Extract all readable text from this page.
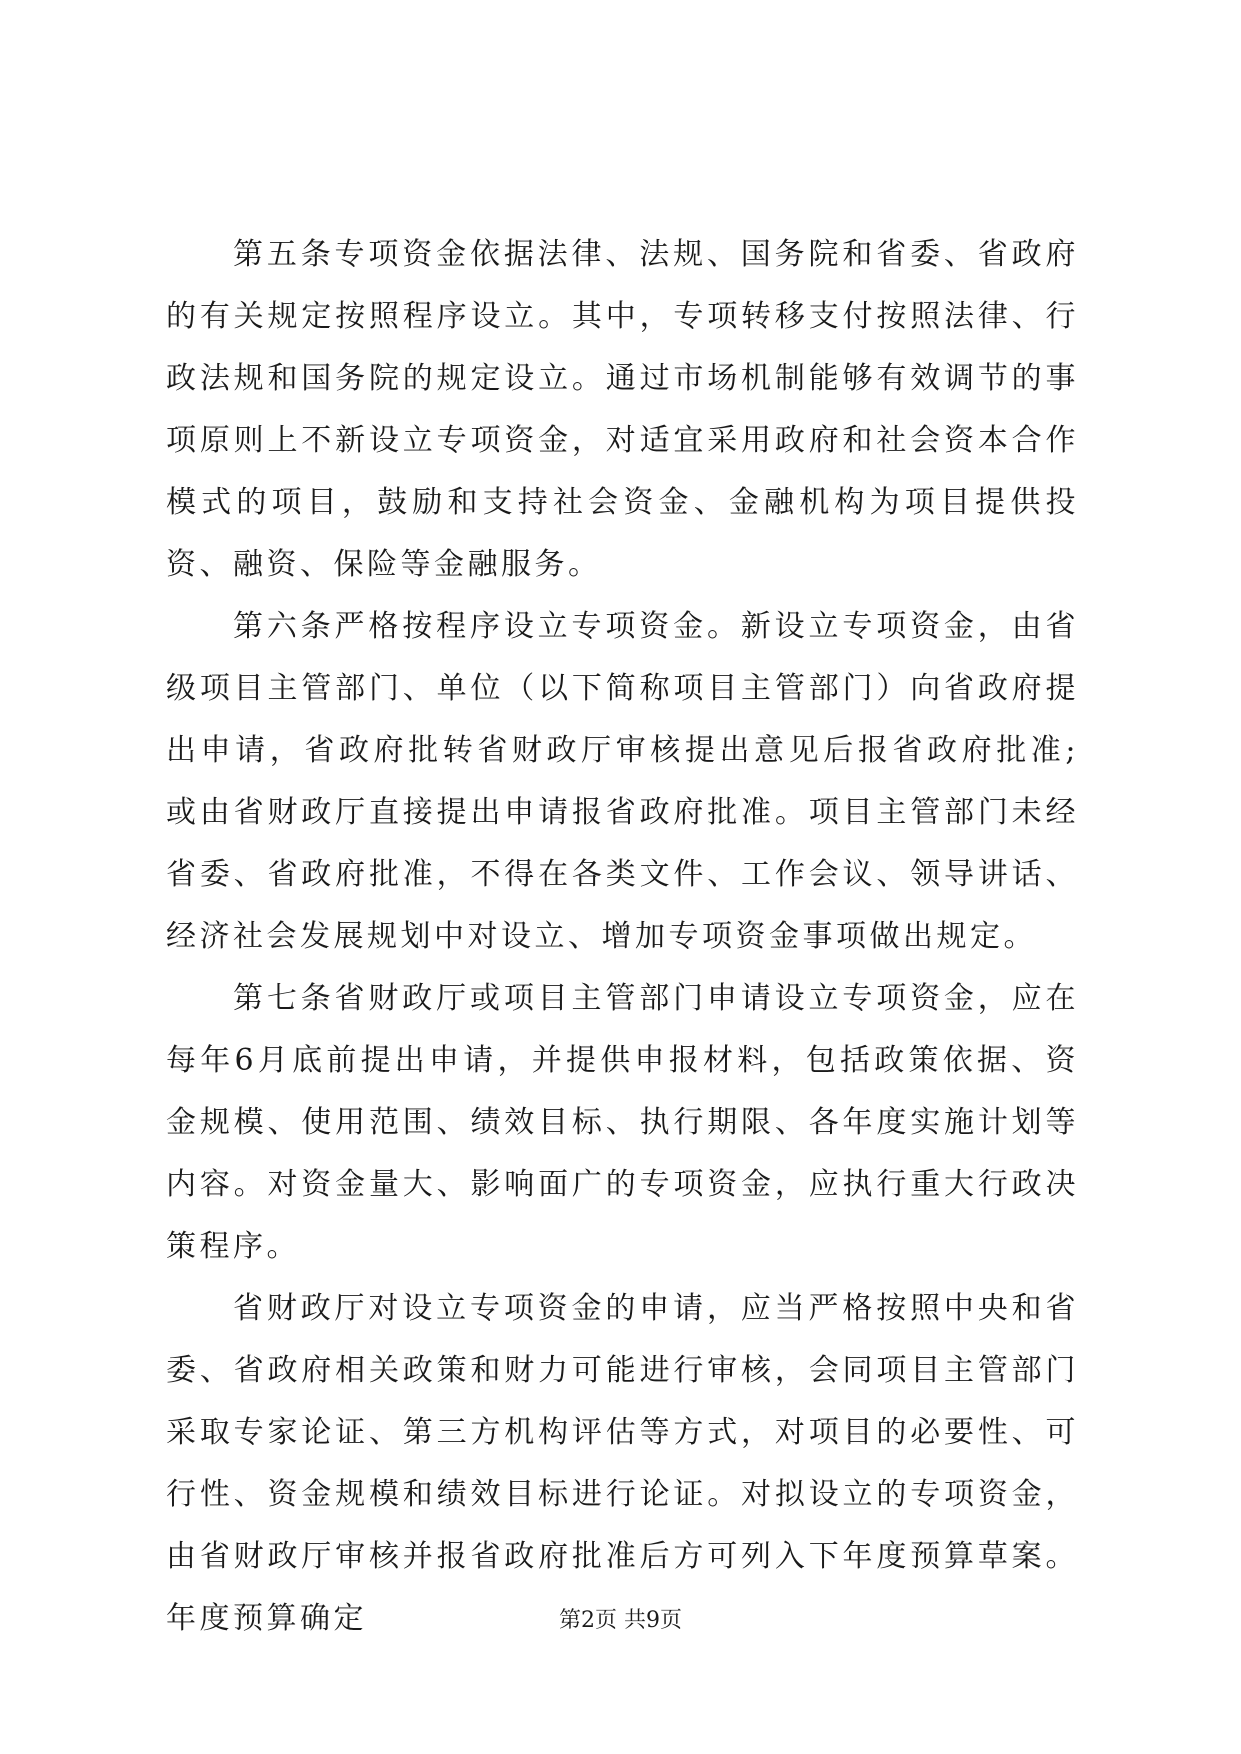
第五条专项资金依据法律、法规、国务院和省委、省政府的有关规定按照程序设立。其中，专项转移支付按照法律、行政法规和国务院的规定设立。通过市场机制能够有效调节的事项原则上不新设立专项资金，对适宜采用政府和社会资本合作模式的项目，鼓励和支持社会资金、金融机构为项目提供投资、融资、保险等金融服务。

第六条严格按程序设立专项资金。新设立专项资金，由省级项目主管部门、单位（以下简称项目主管部门）向省政府提出申请，省政府批转省财政厅审核提出意见后报省政府批准;或由省财政厅直接提出申请报省政府批准。项目主管部门未经省委、省政府批准，不得在各类文件、工作会议、领导讲话、经济社会发展规划中对设立、增加专项资金事项做出规定。

第七条省财政厅或项目主管部门申请设立专项资金，应在每年6月底前提出申请，并提供申报材料，包括政策依据、资金规模、使用范围、绩效目标、执行期限、各年度实施计划等内容。对资金量大、影响面广的专项资金，应执行重大行政决策程序。

省财政厅对设立专项资金的申请，应当严格按照中央和省委、省政府相关政策和财力可能进行审核，会同项目主管部门采取专家论证、第三方机构评估等方式，对项目的必要性、可行性、资金规模和绩效目标进行论证。对拟设立的专项资金，由省财政厅审核并报省政府批准后方可列入下年度预算草案。年度预算确定	第2页 共9页
